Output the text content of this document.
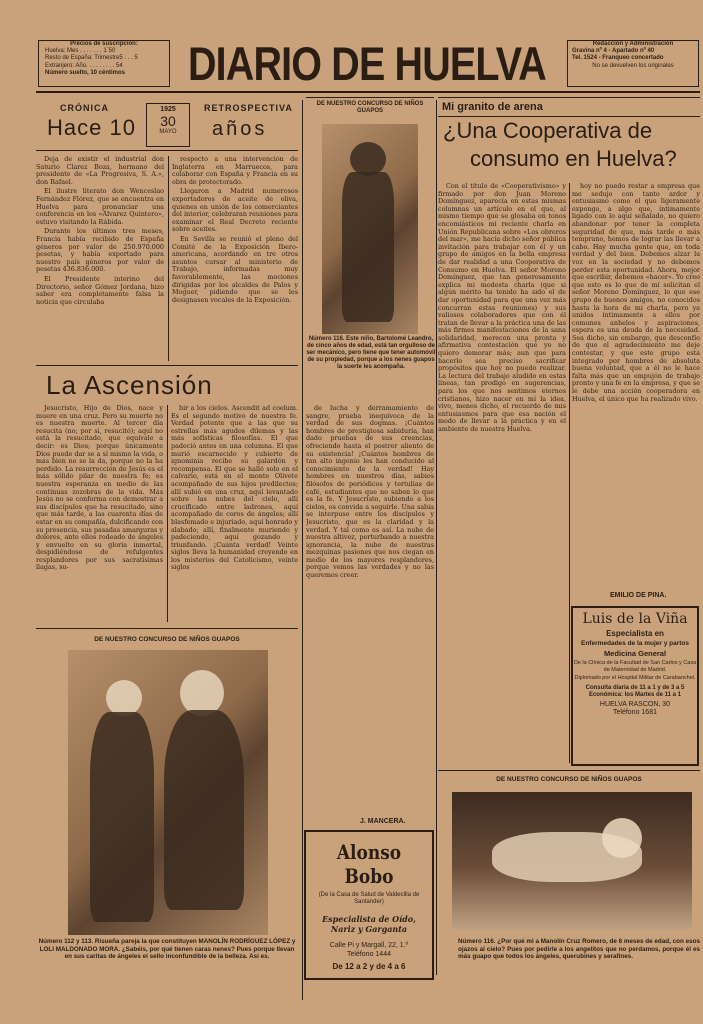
Precios de suscripción:
Huelva: Mes . . . . . . . 1´50
Resto de España: Trimestre5 . . . 5
Extranjero: Año. . . . . . . . . 54
Número suelto, 10 céntimos	DIARIO DE HUELVA	Redacción y Administración
Gravina nº 4 - Apartado nº 40
Tel. 1524 - Franqueo concertado
No se devuelven los originales
CRÓNICA
Hace 10
1925
30
MAYO
RETROSPECTIVA
años

Deja de existir el industrial don Saturio Clarez Boza, hermano del presidente de «La Progresiva, S. A.», don Rafael.

El ilustre literato don Wenceslao Fernández Flórez, que se encuentra en Huelva para pronunciar una conferencia en los «Álvarez Quintero», estuvo visitando la Rábida.

Durante los últimos tres meses, Francia había recibido de España géneros por valor de 250.970.000 pesetas, y había exportado para nuestro país géneros por valor de pesetas 436.836.000.

El Presidente interino del Directorio, señor Gómez Jordana, hizo saber era completamente falsa la noticia que circulaba

respecto a una intervención de Inglaterra en Marruecos, para colaborar con España y Francia en su obra de protectorado.

Llegaron a Madrid numerosos exportadores de aceite de oliva, quienes en unión de los comerciantes del interior, celebraran reuniones para examinar el Real Decreto reciente sobre aceites.

En Sevilla se reunió el pleno del Comité de la Exposición Ibero-americana, acordando en tre otros asuntos cursar al ministerio de Trabajo, informadas muy favorablemente, las mociones dirigidas por los alcaldes de Palos y Moguer, pidiendo que se les designasen vocales de la Exposición.

La Ascensión

Jesucristo, Hijo de Dios, nace y muere en una cruz. Pero su muerte no es nuestra muerte. Al tercer día resucita (no; por sí, resucitó); aquí no está la resucitado, que equivale a decir: es Dios; porque únicamente Dios puede dar se a sí mismo la vida, o más bien no se la da, porque no la ha perdido. La resurrección de Jesús es el más sólido pilar de nuestra fe; es nuestra esperanza en medio de las continuas zozobras de la vida. Más Jesús no se conforma con demostrar a sus discípulos que ha resucitado, sino que más tarde, a las cuarenta días de estar en su compañía, dulcificando con su presencia, sus pasadas amarguras y dolores, ante ellos rodeado de ángeles y envuelto en su gloria inmortal, despidiéndose de refulgentes resplandores por sus sacratísimas llagas, su-

bir a los cielos. Ascendit ad coelum. Es el segundo motivo de nuestra fe. Verdad potente que a las que su estrellas más agudos dilemas y las más sofísticas filosofías. El que padeció antes en una columna. El que murió escarnecido y cubierto de ignominia recibe su galardón y recompensa. El que se halló solo en el calvario, está en el monte Olivete acompañado de sus hijos predilectos; allí subió en una cruz, aquí levantado sobre las nubes del cielo, allí crucificado entre ladrones, aquí acompañado de coros de ángeles; allí blasfemado e injuriado, aquí honrado y alabado; allí, finalmente muriendo y padeciendo, aquí gozando y triunfando. ¡Cuánta verdad! Veinte siglos lleva la humanidad creyendo en los misterios del Catolicismo, veinte siglos

de lucha y derramamiento de sangre, prueba inequívoca de la verdad de sus dogmas. ¡Cuántos hombres de prestigiosa sabiduría, han dado pruebas de sus creencias, ofreciendo hasta el postrer aliento de su existencia! ¡Cuántos hombres de tan alto ingenio les han conducido al conocimiento de la verdad! Hay hombres en nuestros días, sabios filósofos de periódicos y tertulias de café, estudiantes que no saben lo que es la fe. Y Jesucristo, subiendo a los cielos, os convida a seguirle. Una sabia se interpuso entre los discípulos y Jesucristo, que es la claridad y la verdad. Y tal como es así. La nube de nuestra altivez, perturbando a nuestra ignorancia, la nube de nuestras mezquinas pasiones que nos ciegan en medio de los mayores resplandores, porque vemos las verdades y no las queremos creer.

J. MANCERA.
DE NUESTRO CONCURSO DE NIÑOS GUAPOS
Número 116. Este niño, Bartolomé Leandro, de cinco años de edad, está tan orgulloso de ser mecánico, pero tiene que tener automóvil de su propiedad, porque a los nenes guapos la suerte les acompaña.
DE NUESTRO CONCURSO DE NIÑOS GUAPOS
Número 112 y 113. Risueña pareja la que constituyen MANOLÍN RODRÍGUEZ LÓPEZ y LOLI MALDONADO MORA. ¿Sabéis, por qué tienen caras nenes? Pues porque llevan en sus caritas de ángeles el sello inconfundible de la belleza. Así es.
Mi granito de arena
¿Una Cooperativa de
consumo en Huelva?

Con el título de «Cooperativismo» y firmado por don Juan Moreno Domínguez, aparecía en estas mismas columnas un artículo en el que, al mismo tiempo que se glosaba en tonos encomiásticos mi reciente charla en Unión Republicana sobre «Los obreros del mar», me hacía dicho señor pública invitación para trabajar con él y un grupo de amigos en la bella empresa de dar realidad a una Cooperativa de Consumo en Huelva. El señor Moreno Domínguez, que tan generosamente explica mi modesta charla (que si algún mérito ha tenido ha sido el de dar oportunidad para que una vez más concurran estas reuniones) y sus valiosos colaboradores que con él tratan de llevar a la práctica una de las más firmes manifestaciones de la sana solidaridad, merecen una pronta y afirmativa contestación que yo no quiero demorar más; aun que para hacerlo sea preciso sacrificar propósitos que hoy no puedo realizar. La lectura del trabajo aludido en estas líneas, tan prodigo en sugerencias, para los que nos sentimos eternos cristianos, hizo nacer en mí la idea, vivo, menos dicho, el recuerdo de mis entusiasmos para que esa nación el modo de llevar a la práctica y en el ambiente de nuestra Huelva.

hoy no puedo restar a empresa que me sedujo con tanto ardor y entusiasmo como el que ligeramente expongo, a algo que, íntimamente ligado con lo aquí señalado, no quiero abandonar por tener la completa seguridad de que, más tarde o más temprano, hemos de lograr las llevar a cabo. Hay mucha gente que, en toda verdad y del bien. Debemos alzar la voz en la sociedad y no debemos perder esta oportunidad. Ahora, mejor que escribir, debemos «hacer». Yo creo que esto es lo que de mí solicitan el señor Moreno Domínguez, lo que ese grupo de buenos amigos, no conocidos hasta la hora de mi charla, pero ya unidos íntimamente a ellos por comunes anhelos y aspiraciones, espera es una deuda de la necesidad. Sea dicho, sin embargo, que desconfío de que el agradecimiento me deje contestar, y que este grupo está integrado por hombres de absoluta buena voluntad, que a él no le hace falta más que un empujón de trabajo pronto y una fe en la empresa, y que se le debe una acción cooperadora en Huelva, el único que ha realizado vivo.

EMILIO DE PINA.
Luis de la Viña
Especialista en
Enfermedades de la mujer y partos
Medicina General
De la Clínica de la Facultad de San Carlos y Casa de Maternidad de Madrid.
Diplomado por el Hospital Militar de Carabanchel.
Consulta diaria de 11 a 1 y de 3 a 5
Económica: los Martes de 11 a 1
HUELVA RASCON, 30
Teléfono 1681
DE NUESTRO CONCURSO DE NIÑOS GUAPOS
Número 116. ¿Por qué mi a Manolín Cruz Romero, de 6 meses de edad, con esos ojazos al cielo? Pues por pedirle a los angelitos que no perdamos, porque él es más guapo que todos los ángeles, querubines y serafines.
Alonso Bobo
(De la Casa de Salud de Valdecilla de Santander)
Especialista de Oído, Nariz y Garganta
Calle Pi y Margall, 22, 1.º
Teléfono 1444
De 12 a 2 y de 4 a 6
